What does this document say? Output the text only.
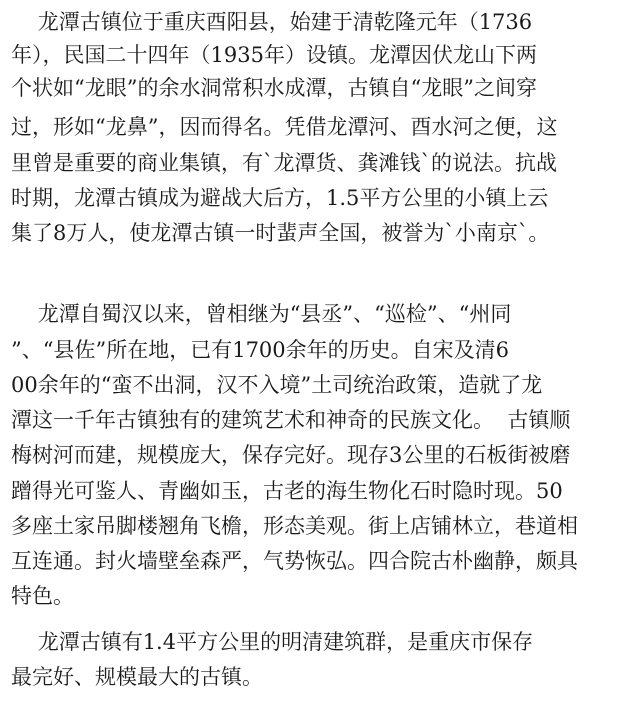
龙潭古镇位于重庆酉阳县，始建于清乾隆元年（1736
年），民国二十四年（1935年）设镇。龙潭因伏龙山下两
个状如“龙眼”的余水洞常积水成潭，古镇自“龙眼”之间穿
过，形如“龙鼻”，因而得名。凭借龙潭河、酉水河之便，这
里曾是重要的商业集镇，有`龙潭货、龚滩钱`的说法。抗战
时期，龙潭古镇成为避战大后方，1.5平方公里的小镇上云
集了8万人，使龙潭古镇一时蜚声全国，被誉为`小南京`。
龙潭自蜀汉以来，曾相继为“县丞”、“巡检”、“州同
”、“县佐”所在地，已有1700余年的历史。自宋及清6
00余年的“蛮不出洞，汉不入境”土司统治政策，造就了龙
潭这一千年古镇独有的建筑艺术和神奇的民族文化。  古镇顺
梅树河而建，规模庞大，保存完好。现存3公里的石板街被磨
蹭得光可鉴人、青幽如玉，古老的海生物化石时隐时现。50
多座土家吊脚楼翘角飞檐，形态美观。街上店铺林立，巷道相
互连通。封火墙壁垒森严，气势恢弘。四合院古朴幽静，颇具
特色。
龙潭古镇有1.4平方公里的明清建筑群，是重庆市保存
最完好、规模最大的古镇。
